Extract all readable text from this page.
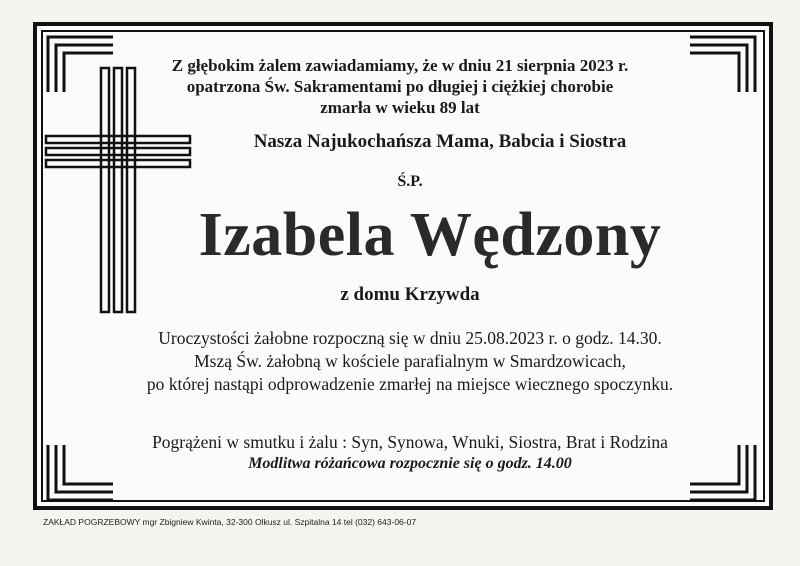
Z głębokim żalem zawiadamiamy, że w dniu 21 sierpnia 2023 r.
opatrzona Św. Sakramentami po długiej i ciężkiej chorobie
zmarła w wieku 89 lat
Nasza Najukochańsza Mama, Babcia i Siostra
Ś.P.
Izabela Wędzony
z domu Krzywda
Uroczystości żałobne rozpoczną się w dniu 25.08.2023 r. o godz. 14.30.
Mszą Św. żałobną w kościele parafialnym w Smardzowicach,
po której nastąpi odprowadzenie zmarłej na miejsce wiecznego spoczynku.
Pogrążeni w smutku i żalu : Syn, Synowa, Wnuki, Siostra, Brat i Rodzina
Modlitwa różańcowa rozpocznie się o godz. 14.00
ZAKŁAD POGRZEBOWY mgr Zbigniew Kwinta, 32-300 Olkusz ul. Szpitalna 14 tel (032) 643-06-07
